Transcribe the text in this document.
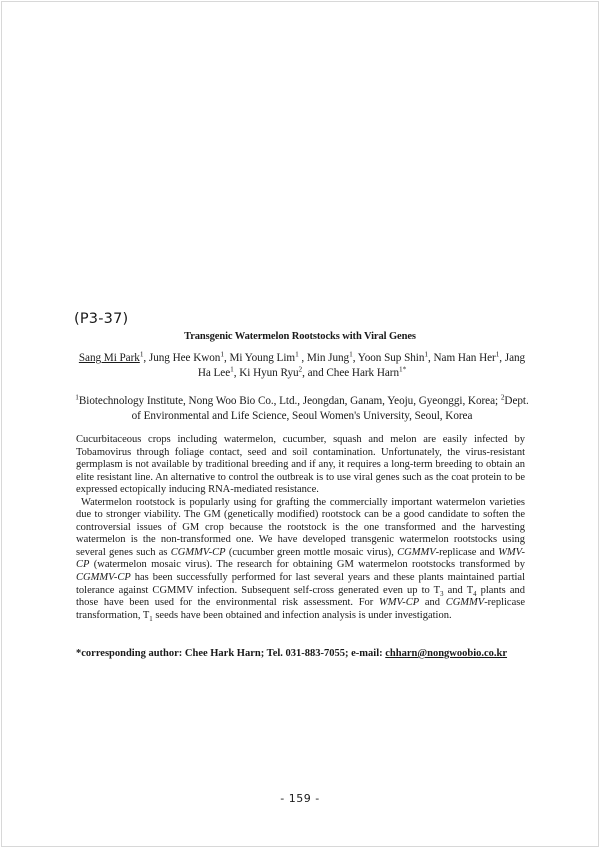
(P3-37)
Transgenic Watermelon Rootstocks with Viral Genes
Sang Mi Park$^1$, Jung Hee Kwon$^1$, Mi Young Lim$^1$ , Min Jung$^1$, Yoon Sup Shin$^1$, Nam Han Her$^1$, Jang Ha Lee$^1$, Ki Hyun Ryu$^2$, and Chee Hark Harn$^{1*}$
$^1$Biotechnology Institute, Nong Woo Bio Co., Ltd., Jeongdan, Ganam, Yeoju, Gyeonggi, Korea; $^2$Dept. of Environmental and Life Science, Seoul Women's University, Seoul, Korea

Cucurbitaceous crops including watermelon, cucumber, squash and melon are easily infected by Tobamovirus through foliage contact, seed and soil contamination. Unfortunately, the virus-resistant germplasm is not available by traditional breeding and if any, it requires a long-term breeding to obtain an elite resistant line. An alternative to control the outbreak is to use viral genes such as the coat protein to be expressed ectopically inducing RNA-mediated resistance.

Watermelon rootstock is popularly using for grafting the commercially important watermelon varieties due to stronger viability. The GM (genetically modified) rootstock can be a good candidate to soften the controversial issues of GM crop because the rootstock is the one transformed and the harvesting watermelon is the non-transformed one. We have developed transgenic watermelon rootstocks using several genes such as CGMMV-CP (cucumber green mottle mosaic virus), CGMMV-replicase and WMV-CP (watermelon mosaic virus). The research for obtaining GM watermelon rootstocks transformed by CGMMV-CP has been successfully performed for last several years and these plants maintained partial tolerance against CGMMV infection. Subsequent self-cross generated even up to $T_3$ and $T_4$ plants and those have been used for the environmental risk assessment. For WMV-CP and CGMMV-replicase transformation, $T_1$ seeds have been obtained and infection analysis is under investigation.

*corresponding author: Chee Hark Harn; Tel. 031-883-7055; e-mail: chharn@nongwoobio.co.kr
- 159 -
